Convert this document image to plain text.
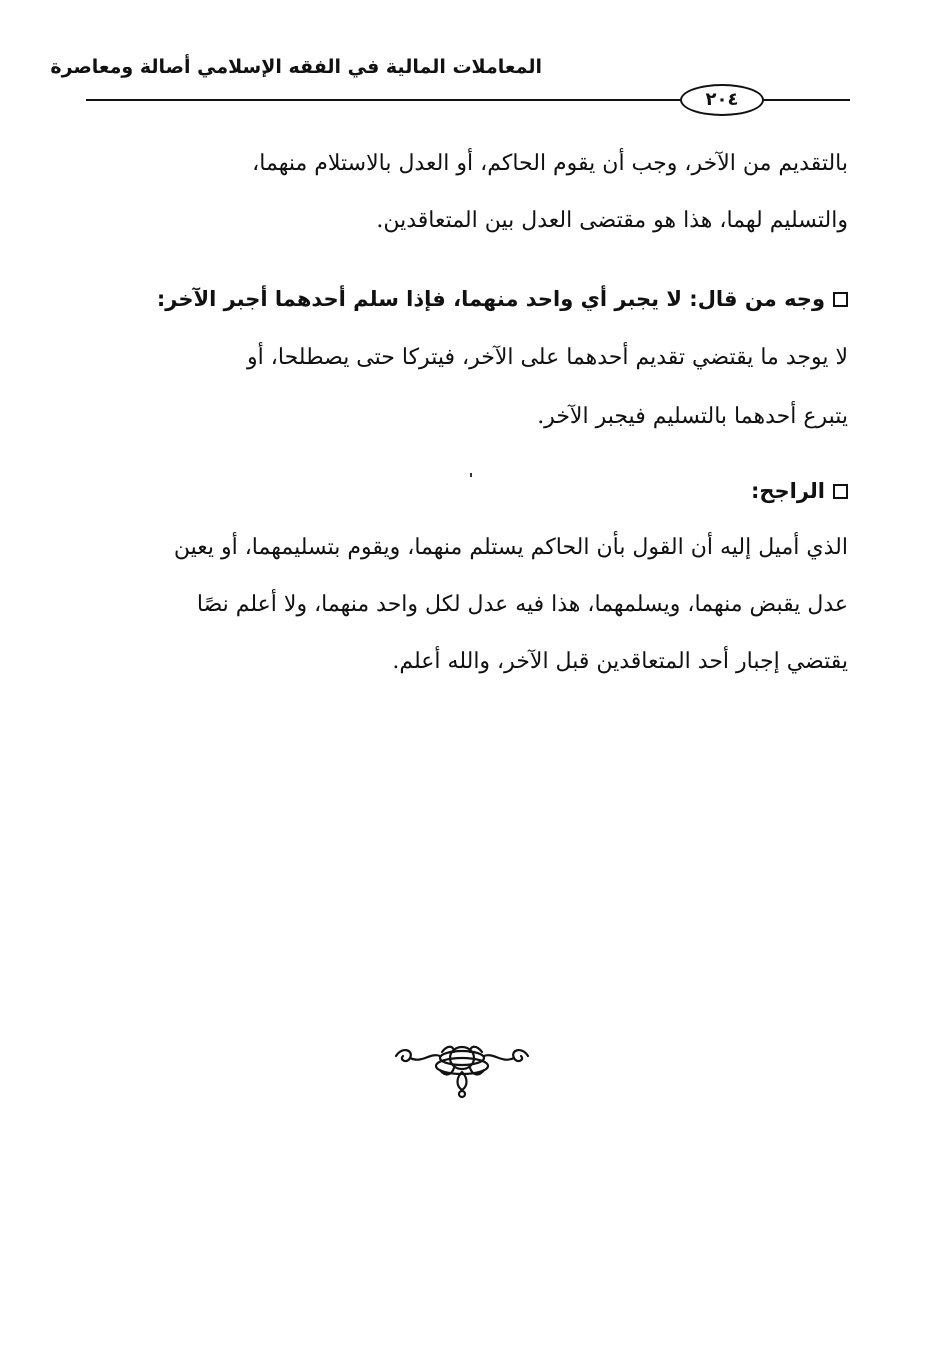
المعاملات المالية في الفقه الإسلامي أصالة ومعاصرة
٢٠٤
بالتقديم من الآخر، وجب أن يقوم الحاكم، أو العدل بالاستلام منهما،
والتسليم لهما، هذا هو مقتضى العدل بين المتعاقدين.
وجه من قال: لا يجبر أي واحد منهما، فإذا سلم أحدهما أجبر الآخر:
لا يوجد ما يقتضي تقديم أحدهما على الآخر، فيتركا حتى يصطلحا، أو
يتبرع أحدهما بالتسليم فيجبر الآخر.
الراجح:
الذي أميل إليه أن القول بأن الحاكم يستلم منهما، ويقوم بتسليمهما، أو يعين
عدل يقبض منهما، ويسلمهما، هذا فيه عدل لكل واحد منهما، ولا أعلم نصًا
يقتضي إجبار أحد المتعاقدين قبل الآخر، والله أعلم.
